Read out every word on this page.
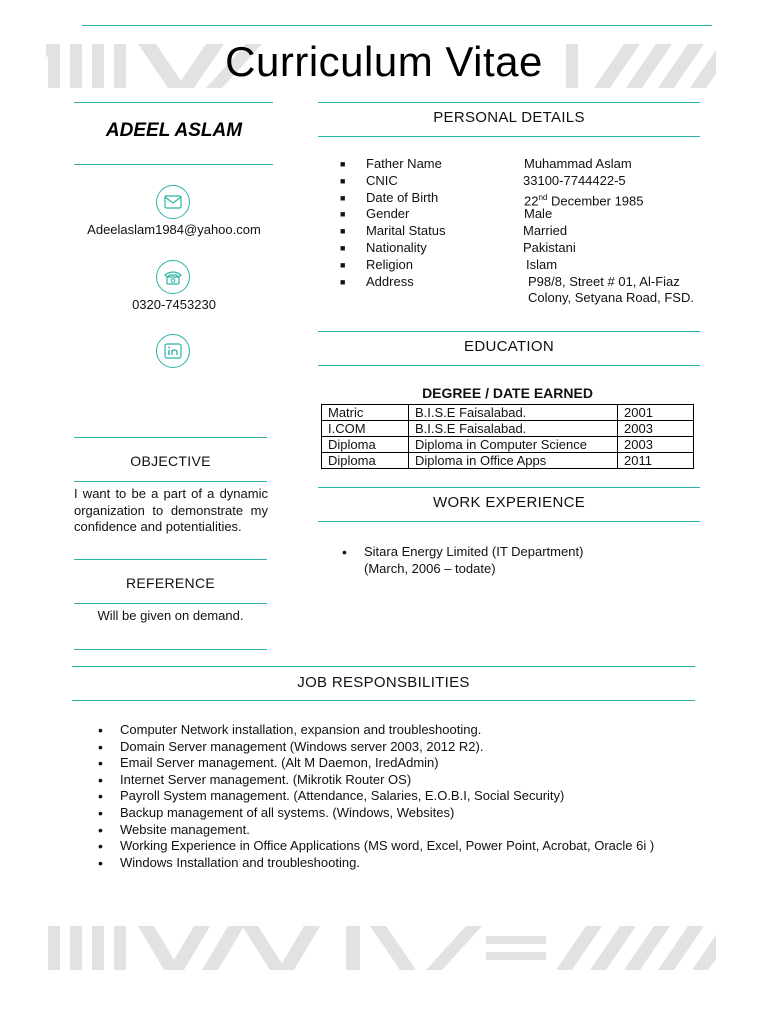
Curriculum Vitae
ADEEL ASLAM
Adeelaslam1984@yahoo.com
0320-7453230
OBJECTIVE
I want to be a part of a dynamic organization to demonstrate my confidence and potentialities.
REFERENCE
Will be given on demand.
PERSONAL DETAILS
■ Father Name	Muhammad Aslam
■ CNIC	33100-7744422-5
■ Date of Birth	22nd December 1985
■ Gender	Male
■ Marital Status	Married
■ Nationality	Pakistani
■ Religion	Islam
■ Address	P98/8, Street # 01, Al-Fiaz
Colony, Setyana Road, FSD.
EDUCATION
DEGREE / DATE EARNED
Matric	B.I.S.E Faisalabad.	2001
I.COM	B.I.S.E Faisalabad.	2003
Diploma	Diploma in Computer Science	2003
Diploma	Diploma in Office Apps	2011
WORK EXPERIENCE
• Sitara Energy Limited (IT Department)
(March, 2006 – todate)
JOB RESPONSBILITIES
• Computer Network installation, expansion and troubleshooting.
• Domain Server management (Windows server 2003, 2012 R2).
• Email Server management. (Alt M Daemon, IredAdmin)
• Internet Server management. (Mikrotik Router OS)
• Payroll System management. (Attendance, Salaries, E.O.B.I, Social Security)
• Backup management of all systems. (Windows, Websites)
• Website management.
• Working Experience in Office Applications (MS word, Excel, Power Point, Acrobat, Oracle 6i )
• Windows Installation and troubleshooting.
